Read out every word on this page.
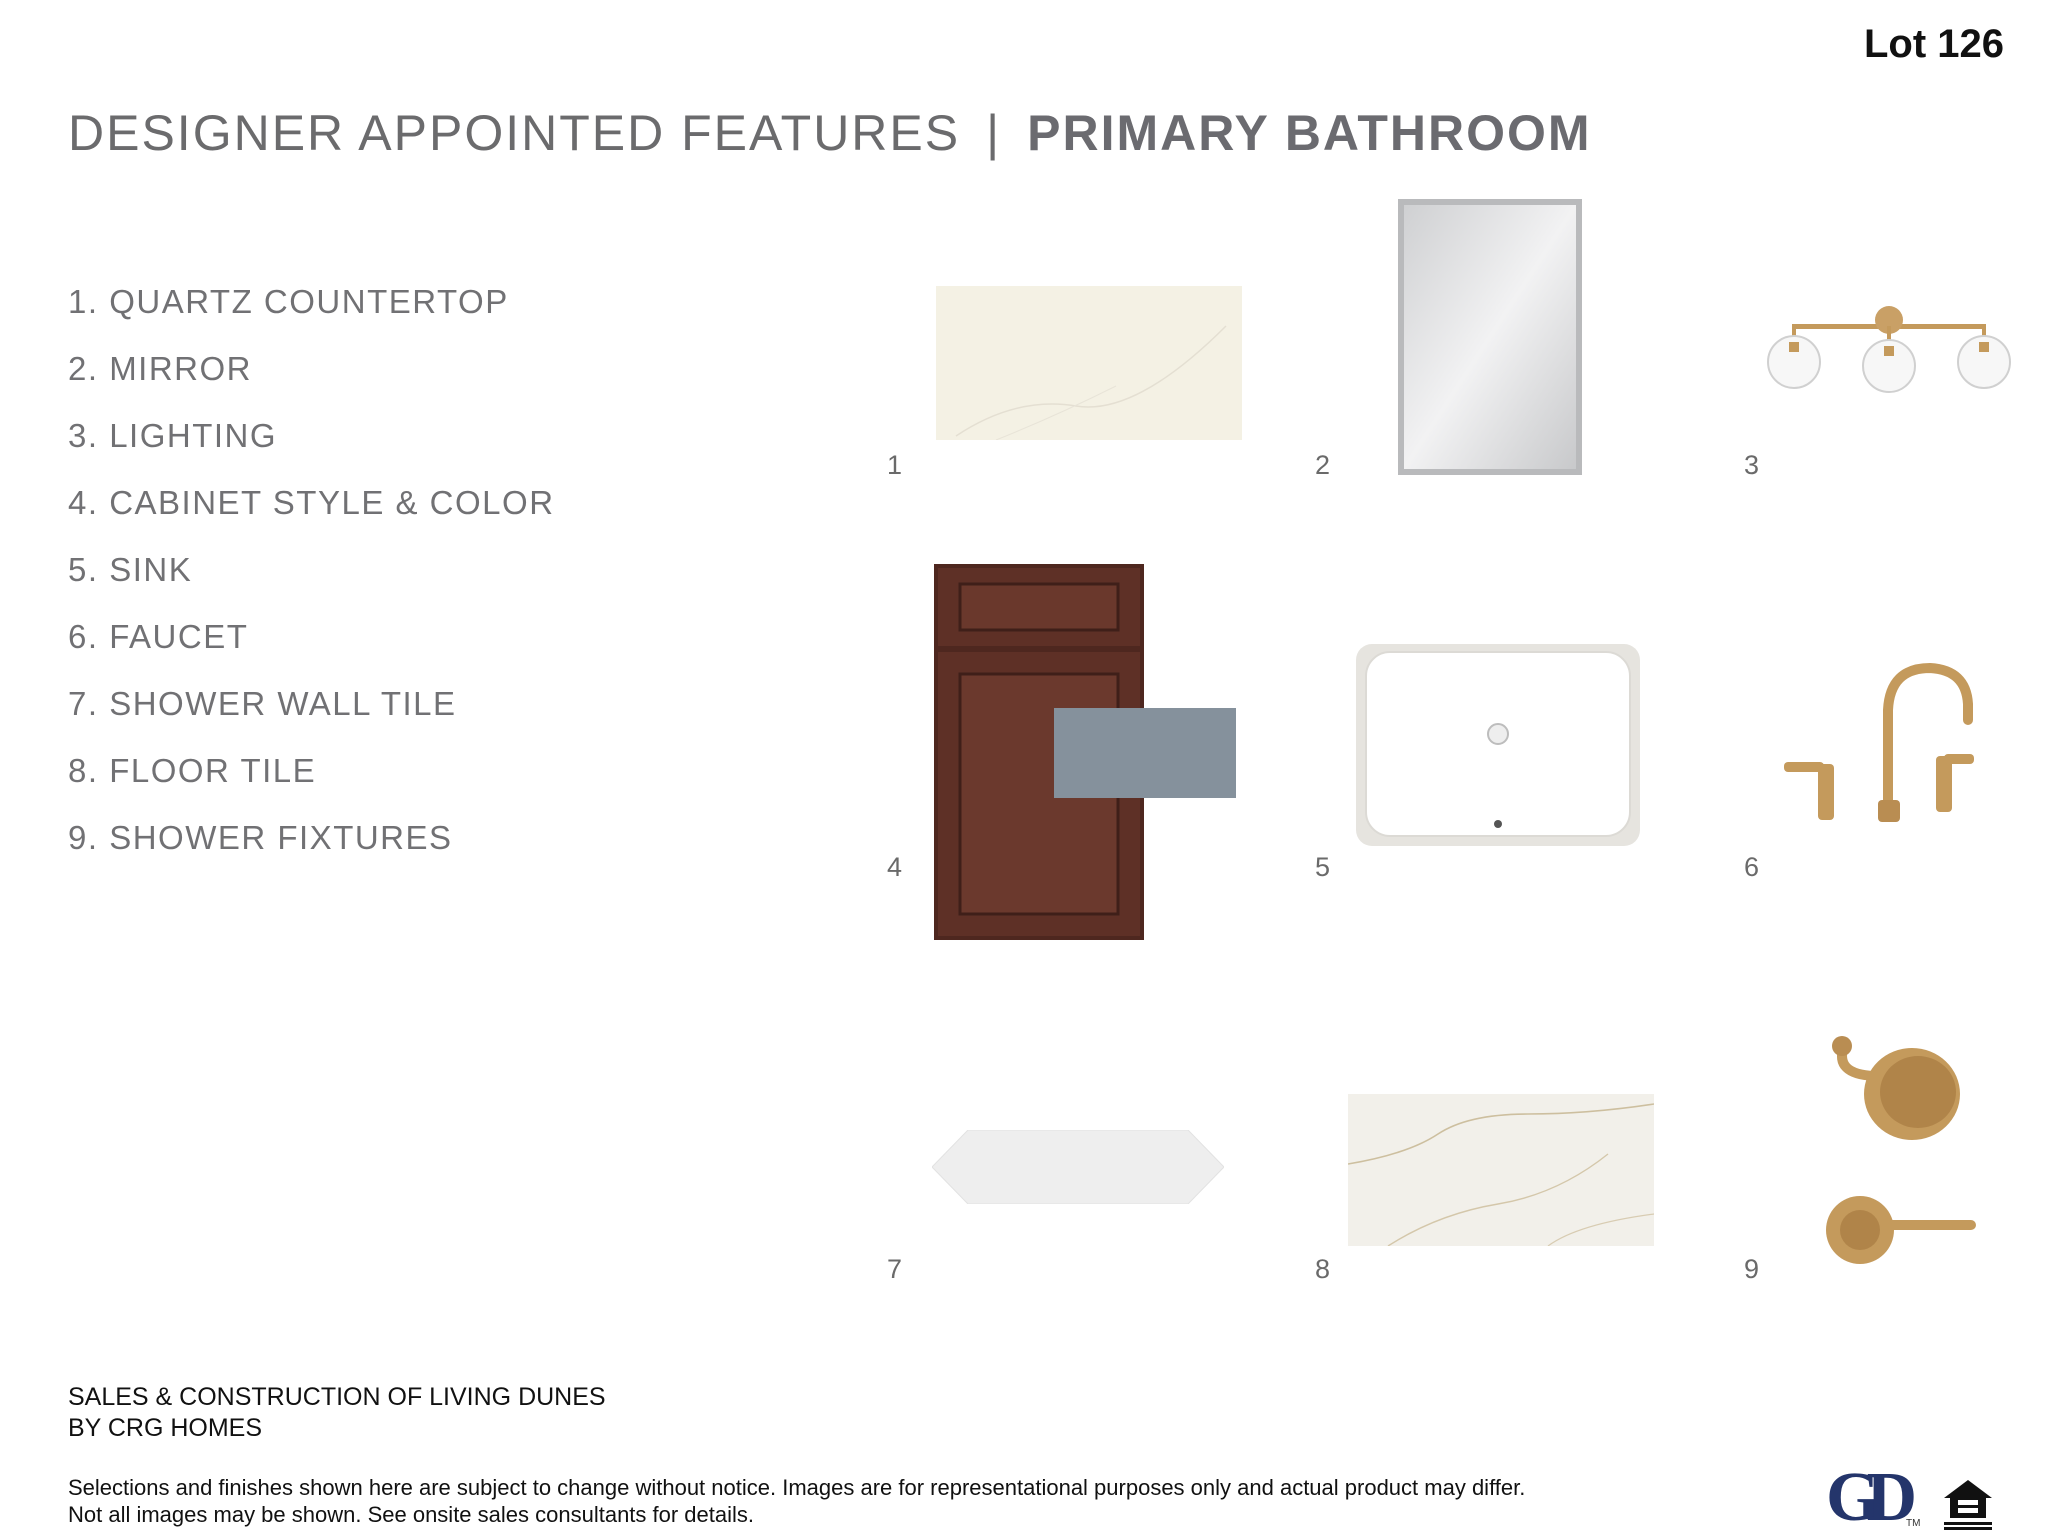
Lot 126
DESIGNER APPOINTED FEATURES | PRIMARY BATHROOM
1. QUARTZ COUNTERTOP
2. MIRROR
3. LIGHTING
4. CABINET STYLE & COLOR
5. SINK
6. FAUCET
7. SHOWER WALL TILE
8. FLOOR TILE
9. SHOWER FIXTURES
1	2	3
4	5	6
7	8	9
SALES & CONSTRUCTION OF LIVING DUNES
BY CRG HOMES
Selections and finishes shown here are subject to change without notice. Images are for representational purposes only and actual product may differ.
Not all images may be shown. See onsite sales consultants for details.	GD TM
